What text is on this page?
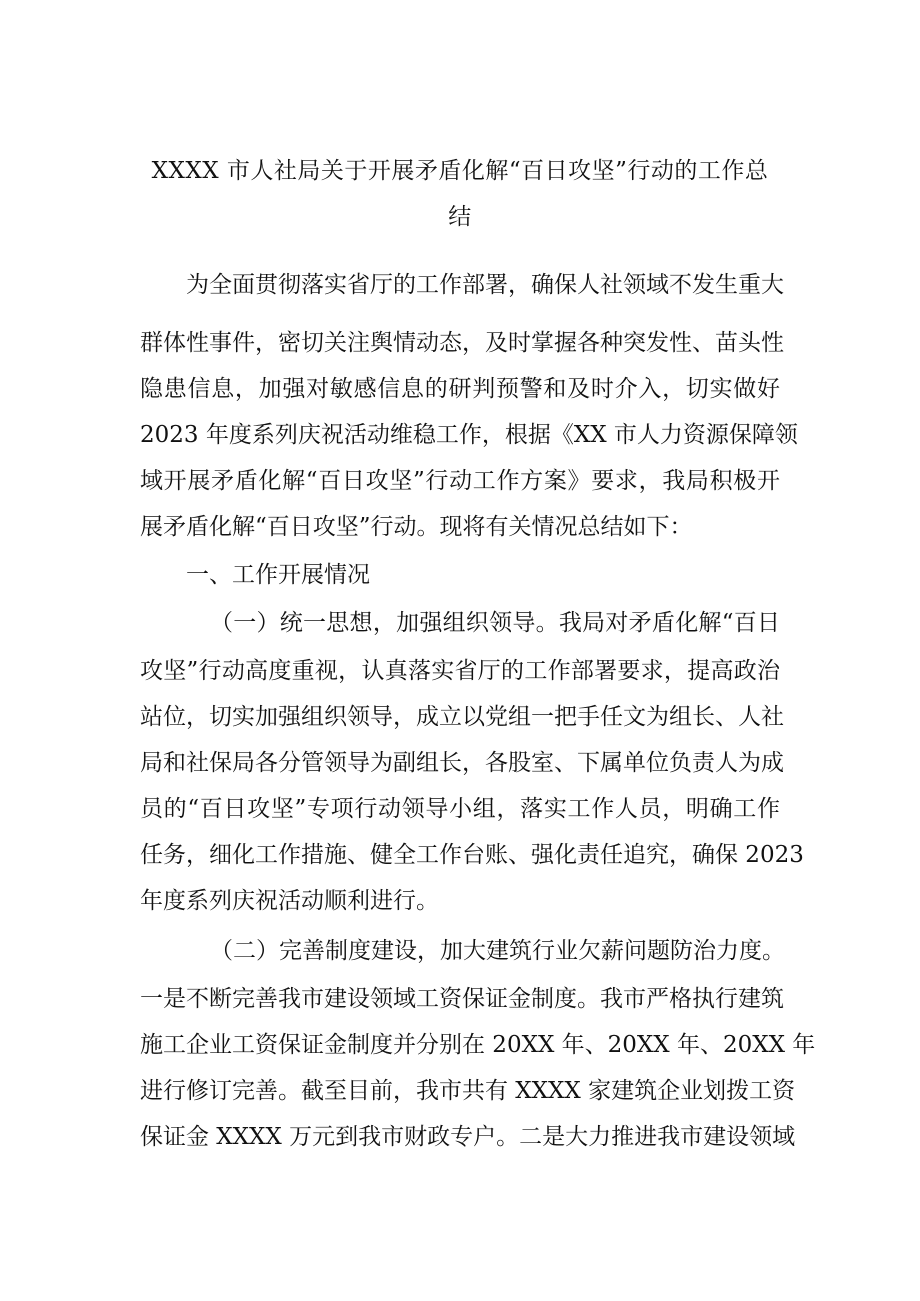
XXXX 市人社局关于开展矛盾化解“百日攻坚”行动的工作总
结
为全面贯彻落实省厅的工作部署，确保人社领域不发生重大
群体性事件，密切关注舆情动态，及时掌握各种突发性、苗头性
隐患信息，加强对敏感信息的研判预警和及时介入，切实做好
2023 年度系列庆祝活动维稳工作，根据《XX 市人力资源保障领
域开展矛盾化解“百日攻坚”行动工作方案》要求，我局积极开
展矛盾化解“百日攻坚”行动。现将有关情况总结如下：
一、工作开展情况
（一）统一思想，加强组织领导。我局对矛盾化解“百日
攻坚”行动高度重视，认真落实省厅的工作部署要求，提高政治
站位，切实加强组织领导，成立以党组一把手任文为组长、人社
局和社保局各分管领导为副组长，各股室、下属单位负责人为成
员的“百日攻坚”专项行动领导小组，落实工作人员，明确工作
任务，细化工作措施、健全工作台账、强化责任追究，确保 2023
年度系列庆祝活动顺利进行。
（二）完善制度建设，加大建筑行业欠薪问题防治力度。
一是不断完善我市建设领域工资保证金制度。我市严格执行建筑
施工企业工资保证金制度并分别在 20XX 年、20XX 年、20XX 年
进行修订完善。截至目前，我市共有 XXXX 家建筑企业划拨工资
保证金 XXXX 万元到我市财政专户。二是大力推进我市建设领域
